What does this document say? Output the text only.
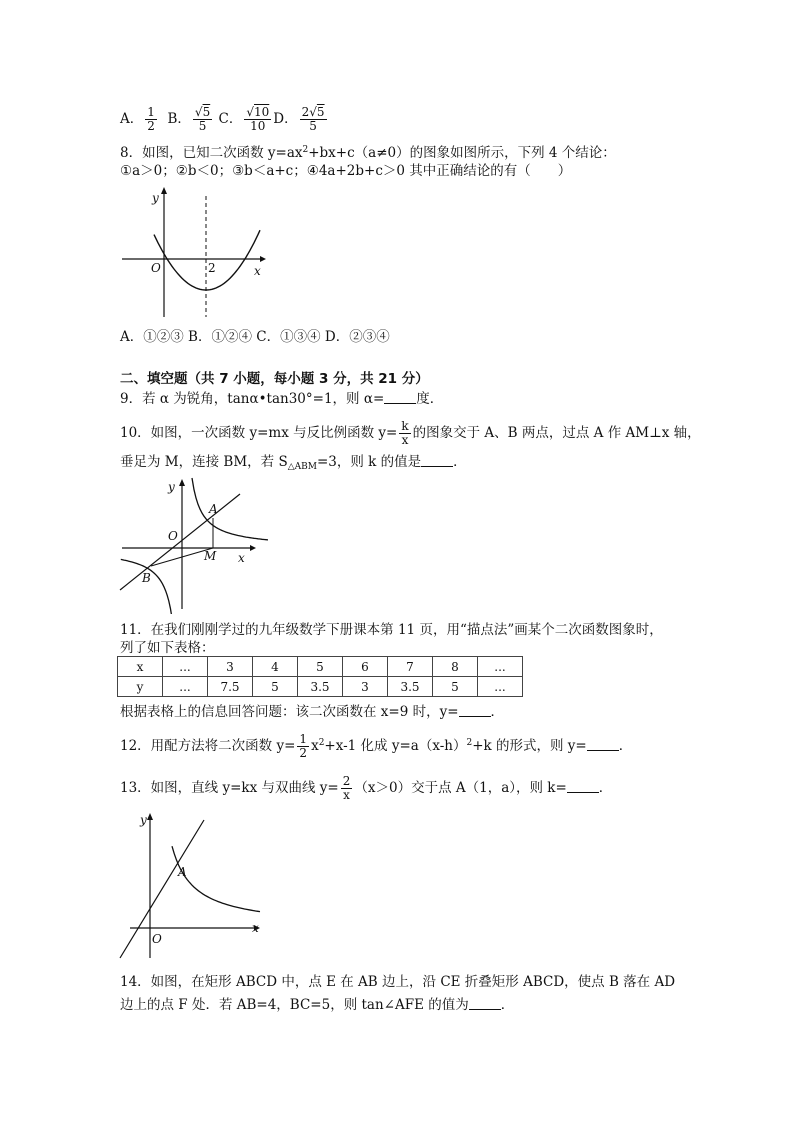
A． $\frac{1}{2}$ B． $\frac{√5}{5}$ C． $\frac{√10}{10}$ D． $\frac{2√5}{5}$
8．如图，已知二次函数 $y=ax^2+bx+c(a\ne 0)$的图象如图所示，下列 4 个结论：
①a＞0；②b＜0；③b＜a+c；④4a+2b+c＞0 其中正确结论的有（　　）
y
x
O	2
A．①②③ B．①②④ C．①③④ D．②③④
二、填空题（共 7 小题，每小题 3 分，共 21 分）
9．若 α 为锐角，tanα•tan30°=1，则 α= 度．
10．如图，一次函数 y=mx 与反比例函数 $y= \frac{k}{x}$ 的图象交于 A、B 两点，过点 A 作 AM⊥x 轴，
垂足为 M，连接 BM，若 $S_{\triangle ABM}=3$，则 k 的值是 ．
y
x
O
A
B
M
11．在我们刚刚学过的九年级数学下册课本第 11 页，用“描点法”画某个二次函数图象时，
列了如下表格：
x	...	3	4	5	6	7	8	...
y	...	7.5	5	3.5	3	3.5	5	...
根据表格上的信息回答问题：该二次函数在 x=9 时，y= ．
12．用配方法将二次函数 $y= \frac{1}{2} x^2+x-1$ 化成 $y=a(x-h)^2+k$ 的形式，则 y= ．
13．如图，直线 y=kx 与双曲线 $y= \frac{2}{x} (x>0)$交于点 A（1，a），则 k= ．
y
x
O
A
14．如图，在矩形 ABCD 中，点 E 在 AB 边上，沿 CE 折叠矩形 ABCD，使点 B 落在 AD
边上的点 F 处．若 AB=4，BC=5，则 tan∠AFE 的值为 ．
